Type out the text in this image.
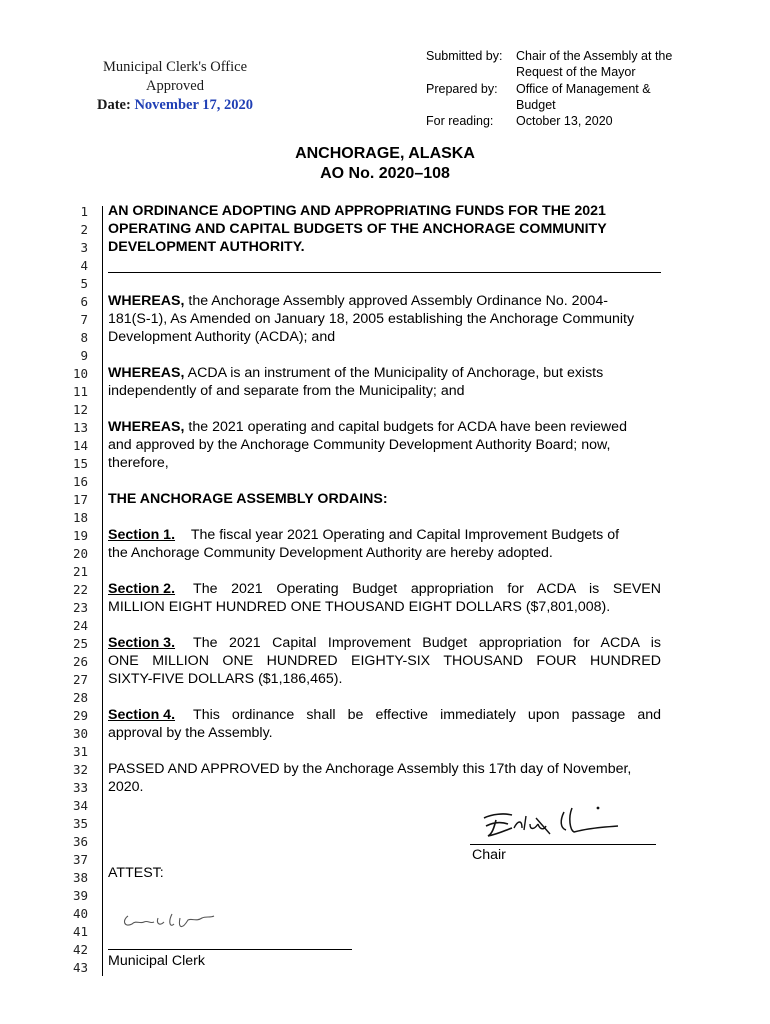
Municipal Clerk's Office
Approved
Date: November 17, 2020
Submitted by: Chair of the Assembly at the
Request of the Mayor
Prepared by: Office of Management &
Budget
For reading: October 13, 2020
ANCHORAGE, ALASKA
AO No. 2020–108
1
2
3
4
5
6
7
8
9
10
11
12
13
14
15
16
17
18
19
20
21
22
23
24
25
26
27
28
29
30
31
32
33
34
35
36
37
38
39
40
41
42
43
AN ORDINANCE ADOPTING AND APPROPRIATING FUNDS FOR THE 2021
OPERATING AND CAPITAL BUDGETS OF THE ANCHORAGE COMMUNITY
DEVELOPMENT AUTHORITY.
WHEREAS, the Anchorage Assembly approved Assembly Ordinance No. 2004-
181(S-1), As Amended on January 18, 2005 establishing the Anchorage Community
Development Authority (ACDA); and
WHEREAS, ACDA is an instrument of the Municipality of Anchorage, but exists
independently of and separate from the Municipality; and
WHEREAS, the 2021 operating and capital budgets for ACDA have been reviewed
and approved by the Anchorage Community Development Authority Board; now,
therefore,
THE ANCHORAGE ASSEMBLY ORDAINS:
Section 1. The fiscal year 2021 Operating and Capital Improvement Budgets of
the Anchorage Community Development Authority are hereby adopted.
Section 2. The 2021 Operating Budget appropriation for ACDA is SEVEN
MILLION EIGHT HUNDRED ONE THOUSAND EIGHT DOLLARS ($7,801,008).
Section 3. The 2021 Capital Improvement Budget appropriation for ACDA is
ONE MILLION ONE HUNDRED EIGHTY-SIX THOUSAND FOUR HUNDRED
SIXTY-FIVE DOLLARS ($1,186,465).
Section 4. This ordinance shall be effective immediately upon passage and
approval by the Assembly.
PASSED AND APPROVED by the Anchorage Assembly this 17th day of November,
2020.
Chair
ATTEST:
Municipal Clerk
